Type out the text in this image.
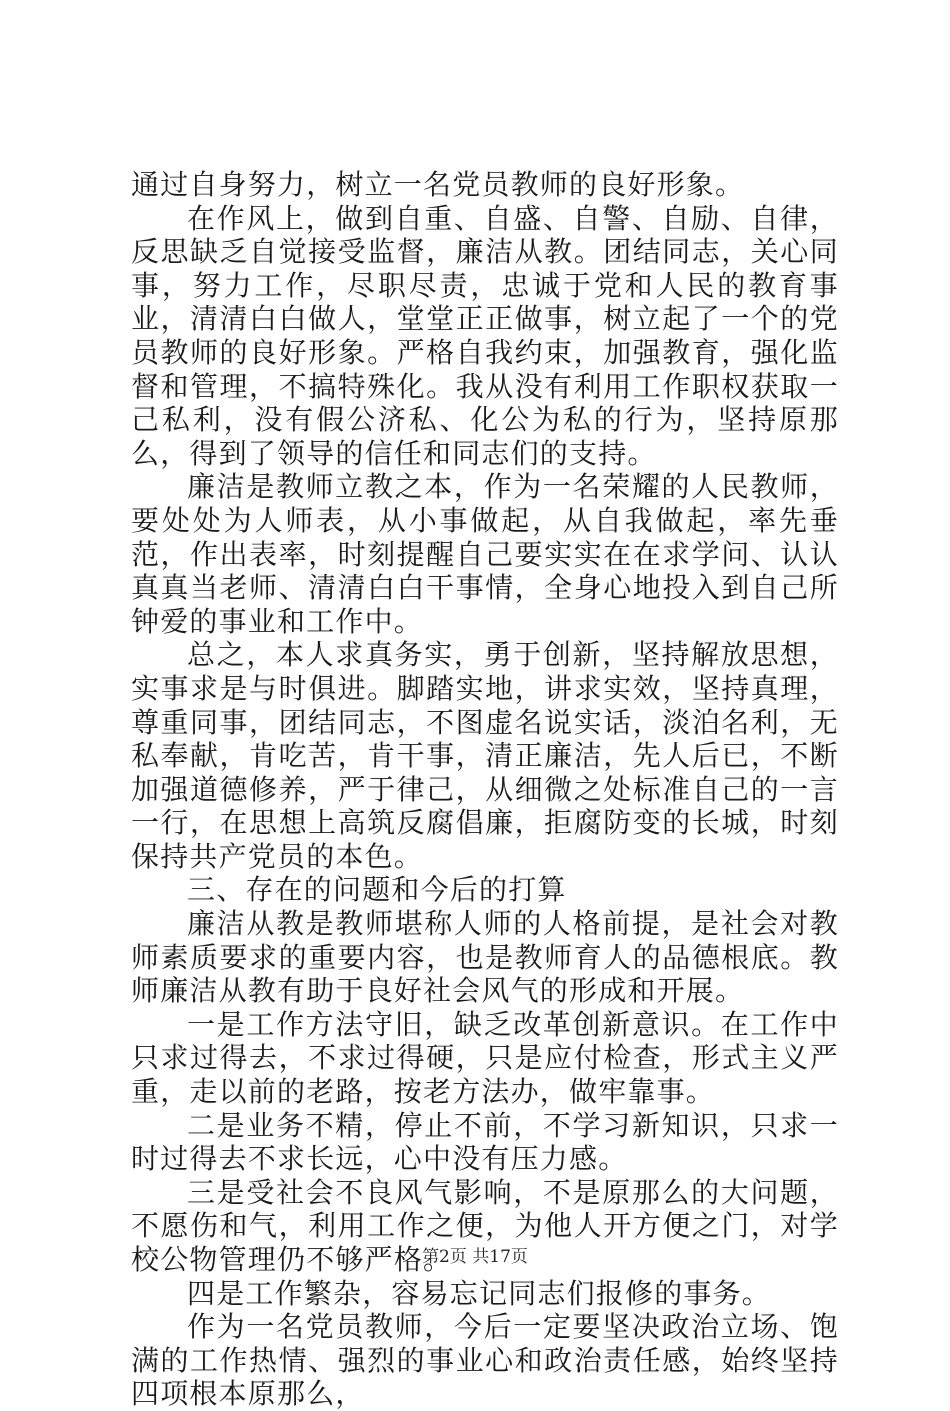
通过自身努力，树立一名党员教师的良好形象。

在作风上，做到自重、自盛、自警、自励、自律，反思缺乏自觉接受监督，廉洁从教。团结同志，关心同事，努力工作，尽职尽责，忠诚于党和人民的教育事业，清清白白做人，堂堂正正做事，树立起了一个的党员教师的良好形象。严格自我约束，加强教育，强化监督和管理，不搞特殊化。我从没有利用工作职权获取一己私利，没有假公济私、化公为私的行为，坚持原那么，得到了领导的信任和同志们的支持。

廉洁是教师立教之本，作为一名荣耀的人民教师，要处处为人师表，从小事做起，从自我做起，率先垂范，作出表率，时刻提醒自己要实实在在求学问、认认真真当老师、清清白白干事情，全身心地投入到自己所钟爱的事业和工作中。

总之，本人求真务实，勇于创新，坚持解放思想，实事求是与时俱进。脚踏实地，讲求实效，坚持真理，尊重同事，团结同志，不图虚名说实话，淡泊名利，无私奉献，肯吃苦，肯干事，清正廉洁，先人后已，不断加强道德修养，严于律己，从细微之处标准自己的一言一行，在思想上高筑反腐倡廉，拒腐防变的长城，时刻保持共产党员的本色。

三、存在的问题和今后的打算

廉洁从教是教师堪称人师的人格前提，是社会对教师素质要求的重要内容，也是教师育人的品德根底。教师廉洁从教有助于良好社会风气的形成和开展。

一是工作方法守旧，缺乏改革创新意识。在工作中只求过得去，不求过得硬，只是应付检查，形式主义严重，走以前的老路，按老方法办，做牢靠事。

二是业务不精，停止不前，不学习新知识，只求一时过得去不求长远，心中没有压力感。

三是受社会不良风气影响，不是原那么的大问题，不愿伤和气，利用工作之便，为他人开方便之门，对学校公物管理仍不够严格。

四是工作繁杂，容易忘记同志们报修的事务。

作为一名党员教师，今后一定要坚决政治立场、饱满的工作热情、强烈的事业心和政治责任感，始终坚持四项根本原那么，

第2页 共17页
